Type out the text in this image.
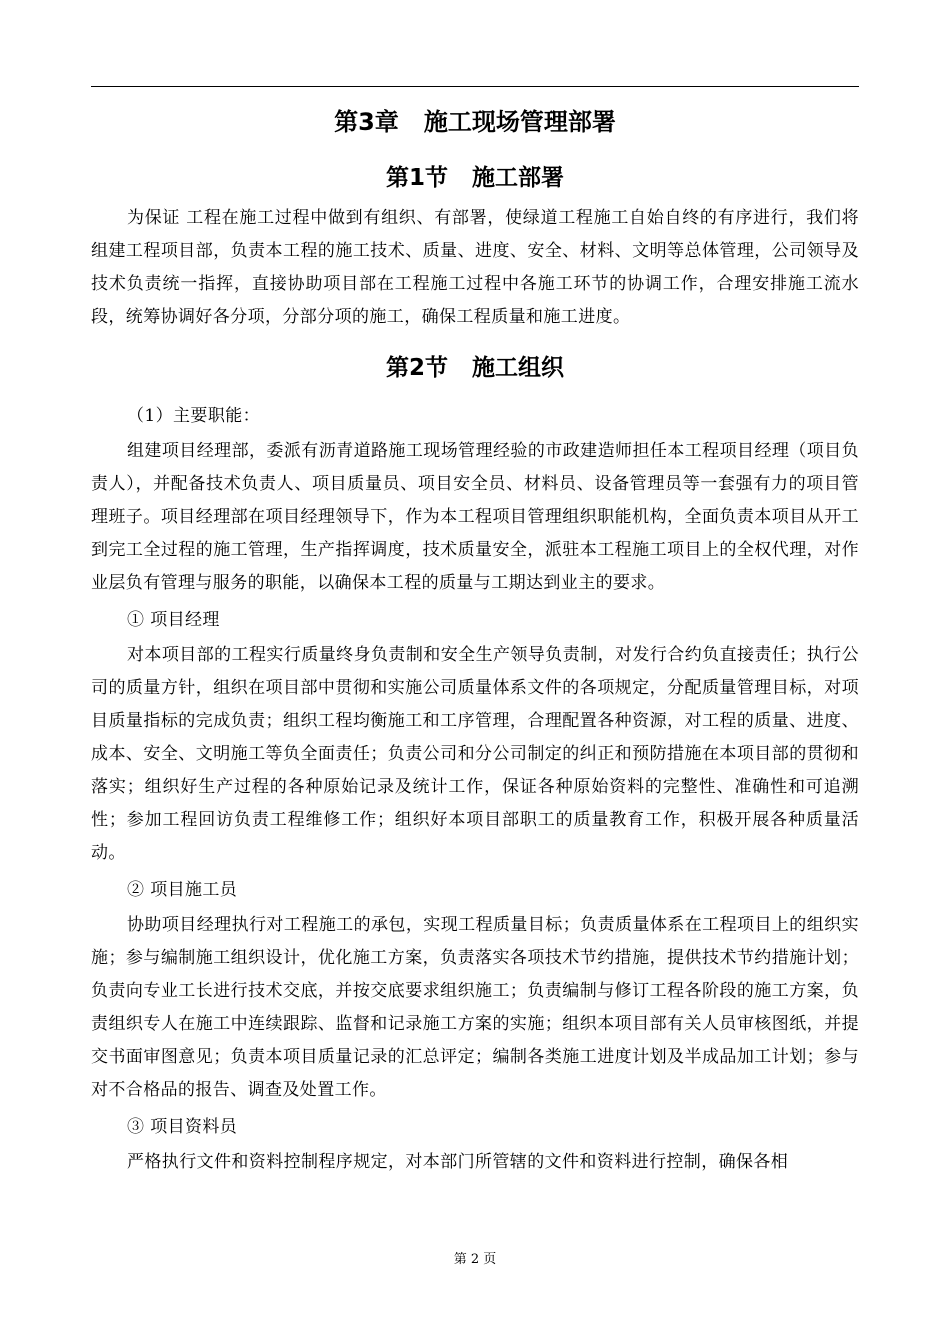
第3章   施工现场管理部署
第1节   施工部署

为保证 工程在施工过程中做到有组织、有部署，使绿道工程施工自始自终的有序进行，我们将组建工程项目部，负责本工程的施工技术、质量、进度、安全、材料、文明等总体管理，公司领导及技术负责统一指挥，直接协助项目部在工程施工过程中各施工环节的协调工作，合理安排施工流水段，统筹协调好各分项，分部分项的施工，确保工程质量和施工进度。

第2节   施工组织

（1）主要职能：

组建项目经理部，委派有沥青道路施工现场管理经验的市政建造师担任本工程项目经理（项目负责人），并配备技术负责人、项目质量员、项目安全员、材料员、设备管理员等一套强有力的项目管理班子。项目经理部在项目经理领导下，作为本工程项目管理组织职能机构，全面负责本项目从开工到完工全过程的施工管理，生产指挥调度，技术质量安全，派驻本工程施工项目上的全权代理，对作业层负有管理与服务的职能，以确保本工程的质量与工期达到业主的要求。

① 项目经理

对本项目部的工程实行质量终身负责制和安全生产领导负责制，对发行合约负直接责任；执行公司的质量方针，组织在项目部中贯彻和实施公司质量体系文件的各项规定，分配质量管理目标，对项目质量指标的完成负责；组织工程均衡施工和工序管理，合理配置各种资源，对工程的质量、进度、成本、安全、文明施工等负全面责任；负责公司和分公司制定的纠正和预防措施在本项目部的贯彻和落实；组织好生产过程的各种原始记录及统计工作，保证各种原始资料的完整性、准确性和可追溯性；参加工程回访负责工程维修工作；组织好本项目部职工的质量教育工作，积极开展各种质量活动。

② 项目施工员

协助项目经理执行对工程施工的承包，实现工程质量目标；负责质量体系在工程项目上的组织实施；参与编制施工组织设计，优化施工方案，负责落实各项技术节约措施，提供技术节约措施计划；负责向专业工长进行技术交底，并按交底要求组织施工；负责编制与修订工程各阶段的施工方案，负责组织专人在施工中连续跟踪、监督和记录施工方案的实施；组织本项目部有关人员审核图纸，并提交书面审图意见；负责本项目质量记录的汇总评定；编制各类施工进度计划及半成品加工计划；参与对不合格品的报告、调查及处置工作。

③ 项目资料员

严格执行文件和资料控制程序规定，对本部门所管辖的文件和资料进行控制，确保各相

第 2 页
